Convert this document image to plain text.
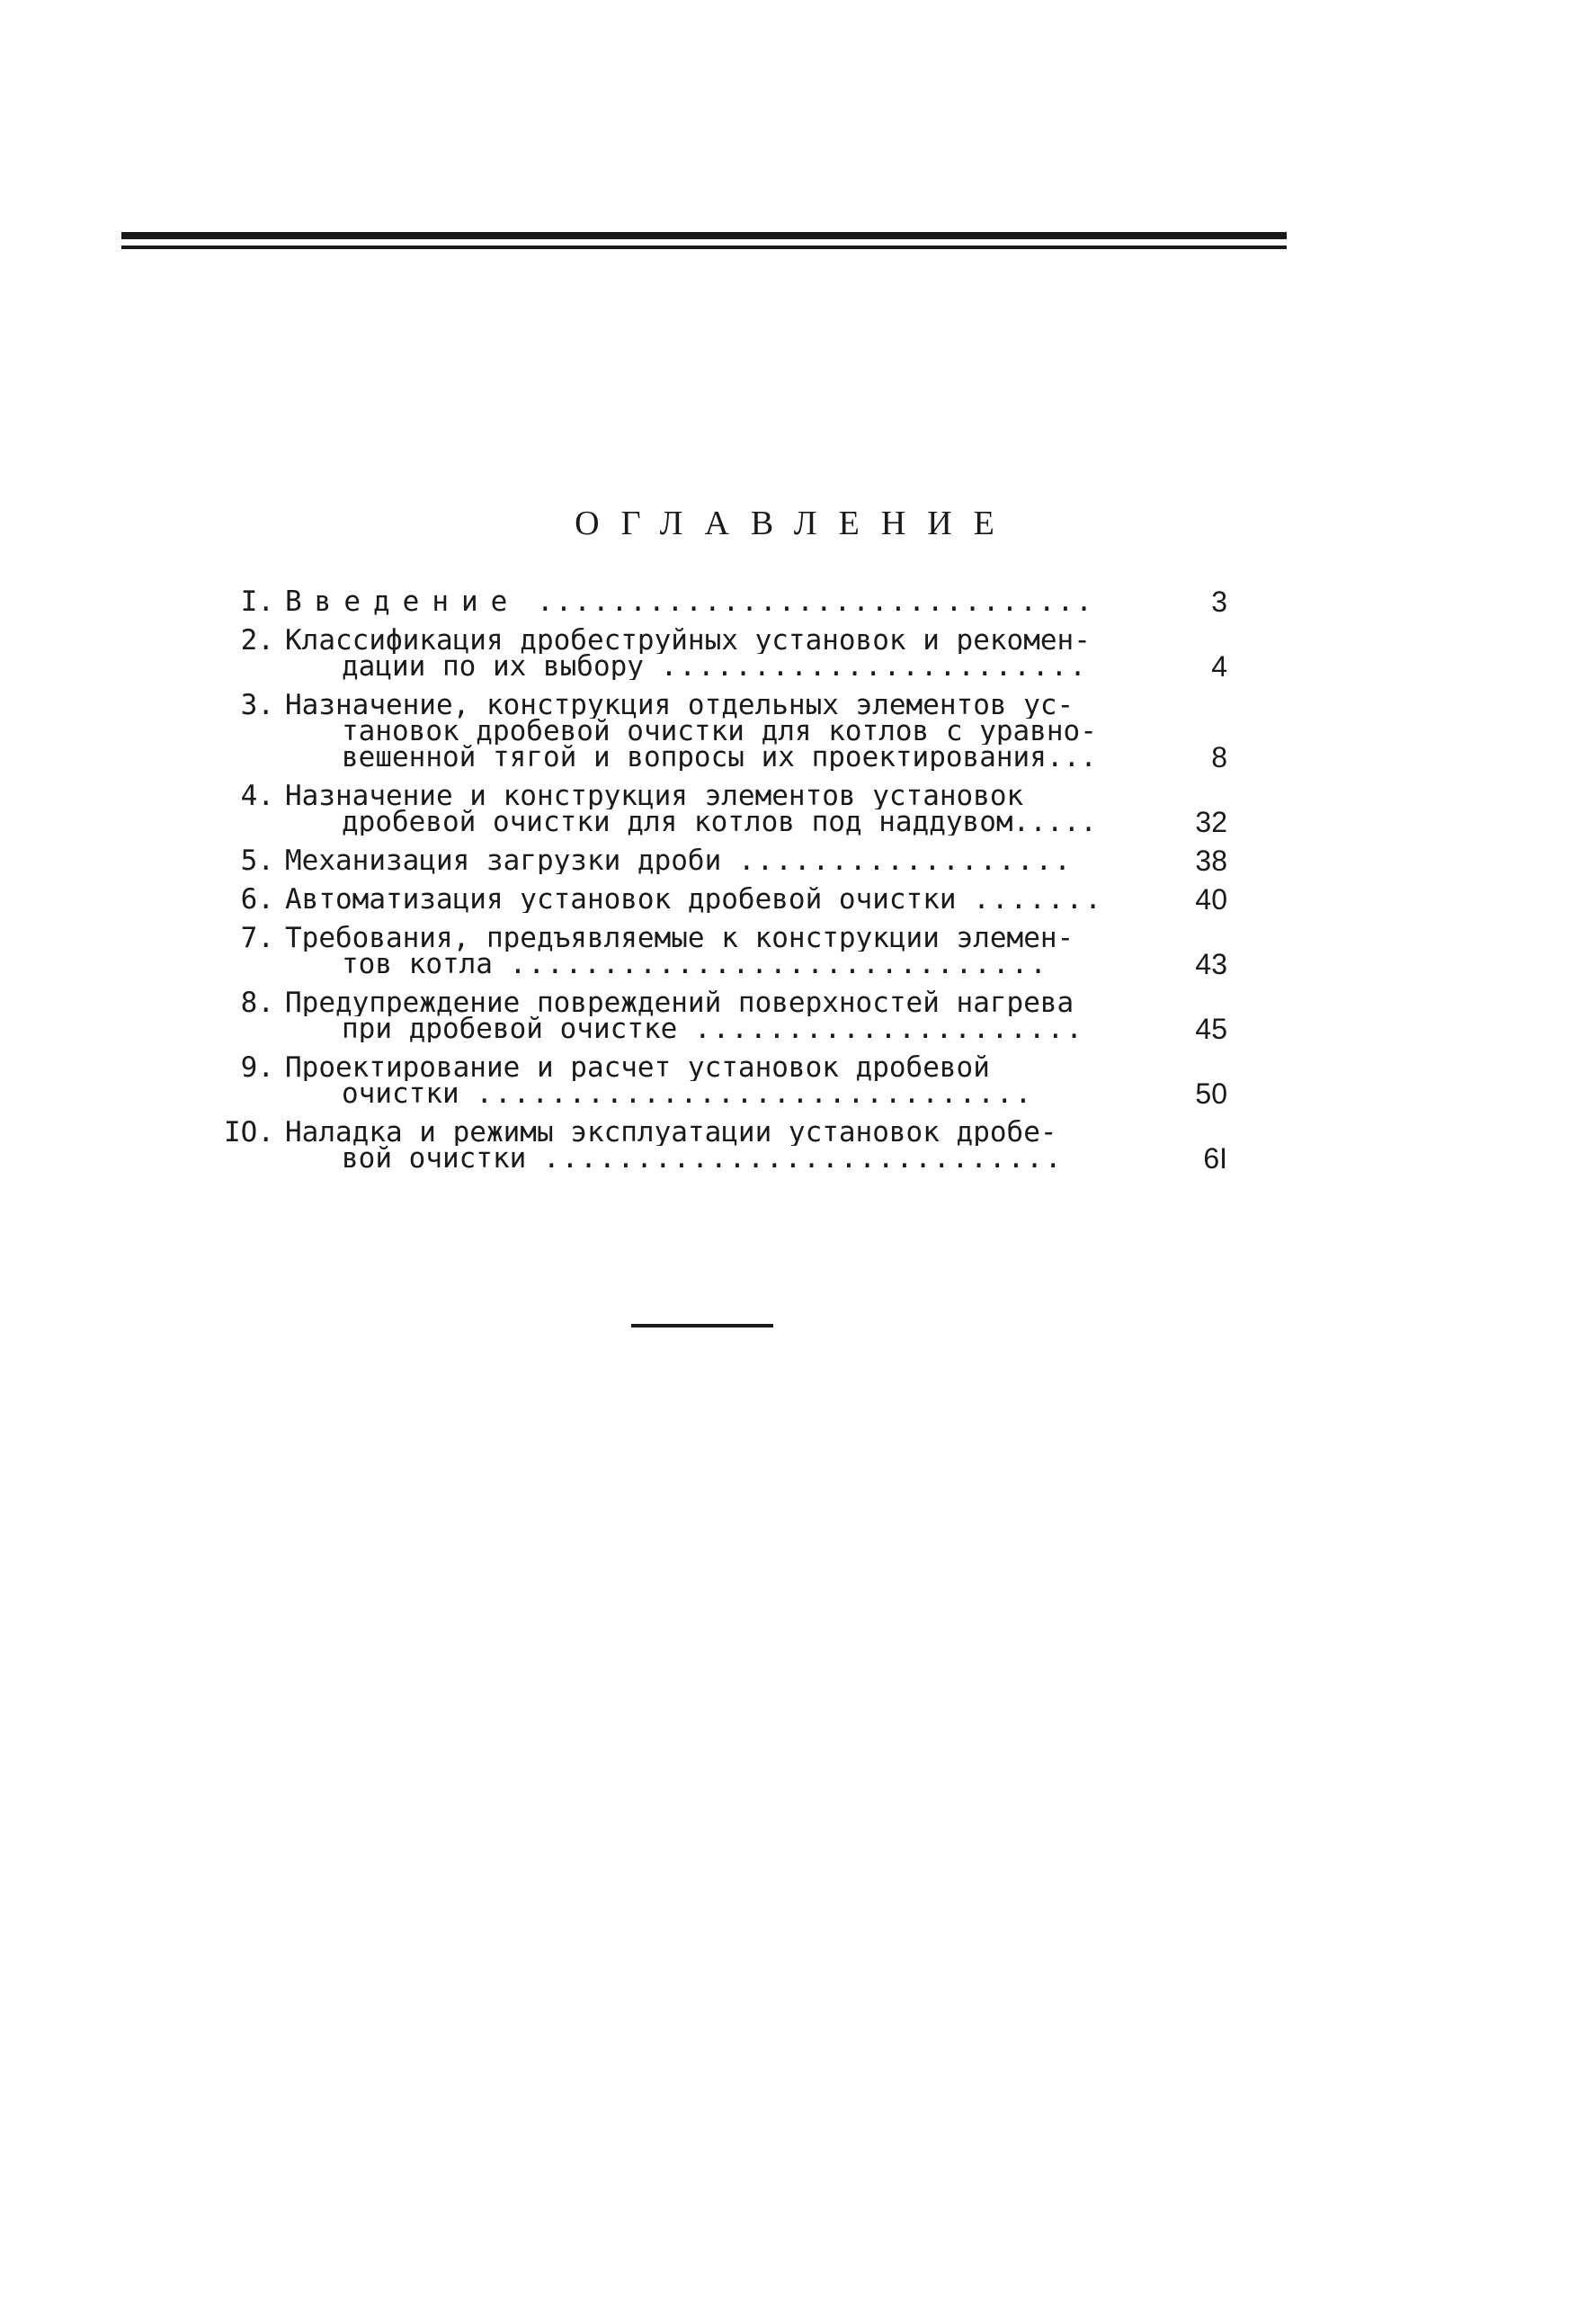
ОГЛАВЛЕНИЕ
I. Введение ..............................	3
2. Классификация дробеструйных установок и рекомен-
дации по их выбору .......................	4
3. Назначение, конструкция отдельных элементов ус-
тановок дробевой очистки для котлов с уравно-
вешенной тягой и вопросы их проектирования...	8
4. Назначение и конструкция элементов установок
дробевой очистки для котлов под наддувом.....	32
5. Механизация загрузки дроби ..................	38
6. Автоматизация установок дробевой очистки .......	40
7. Требования, предъявляемые к конструкции элемен-
тов котла .............................	43
8. Предупреждение повреждений поверхностей нагрева
при дробевой очистке .....................	45
9. Проектирование и расчет установок дробевой
очистки ..............................	50
IO. Наладка и режимы эксплуатации установок дробе-
вой очистки ............................	6I
